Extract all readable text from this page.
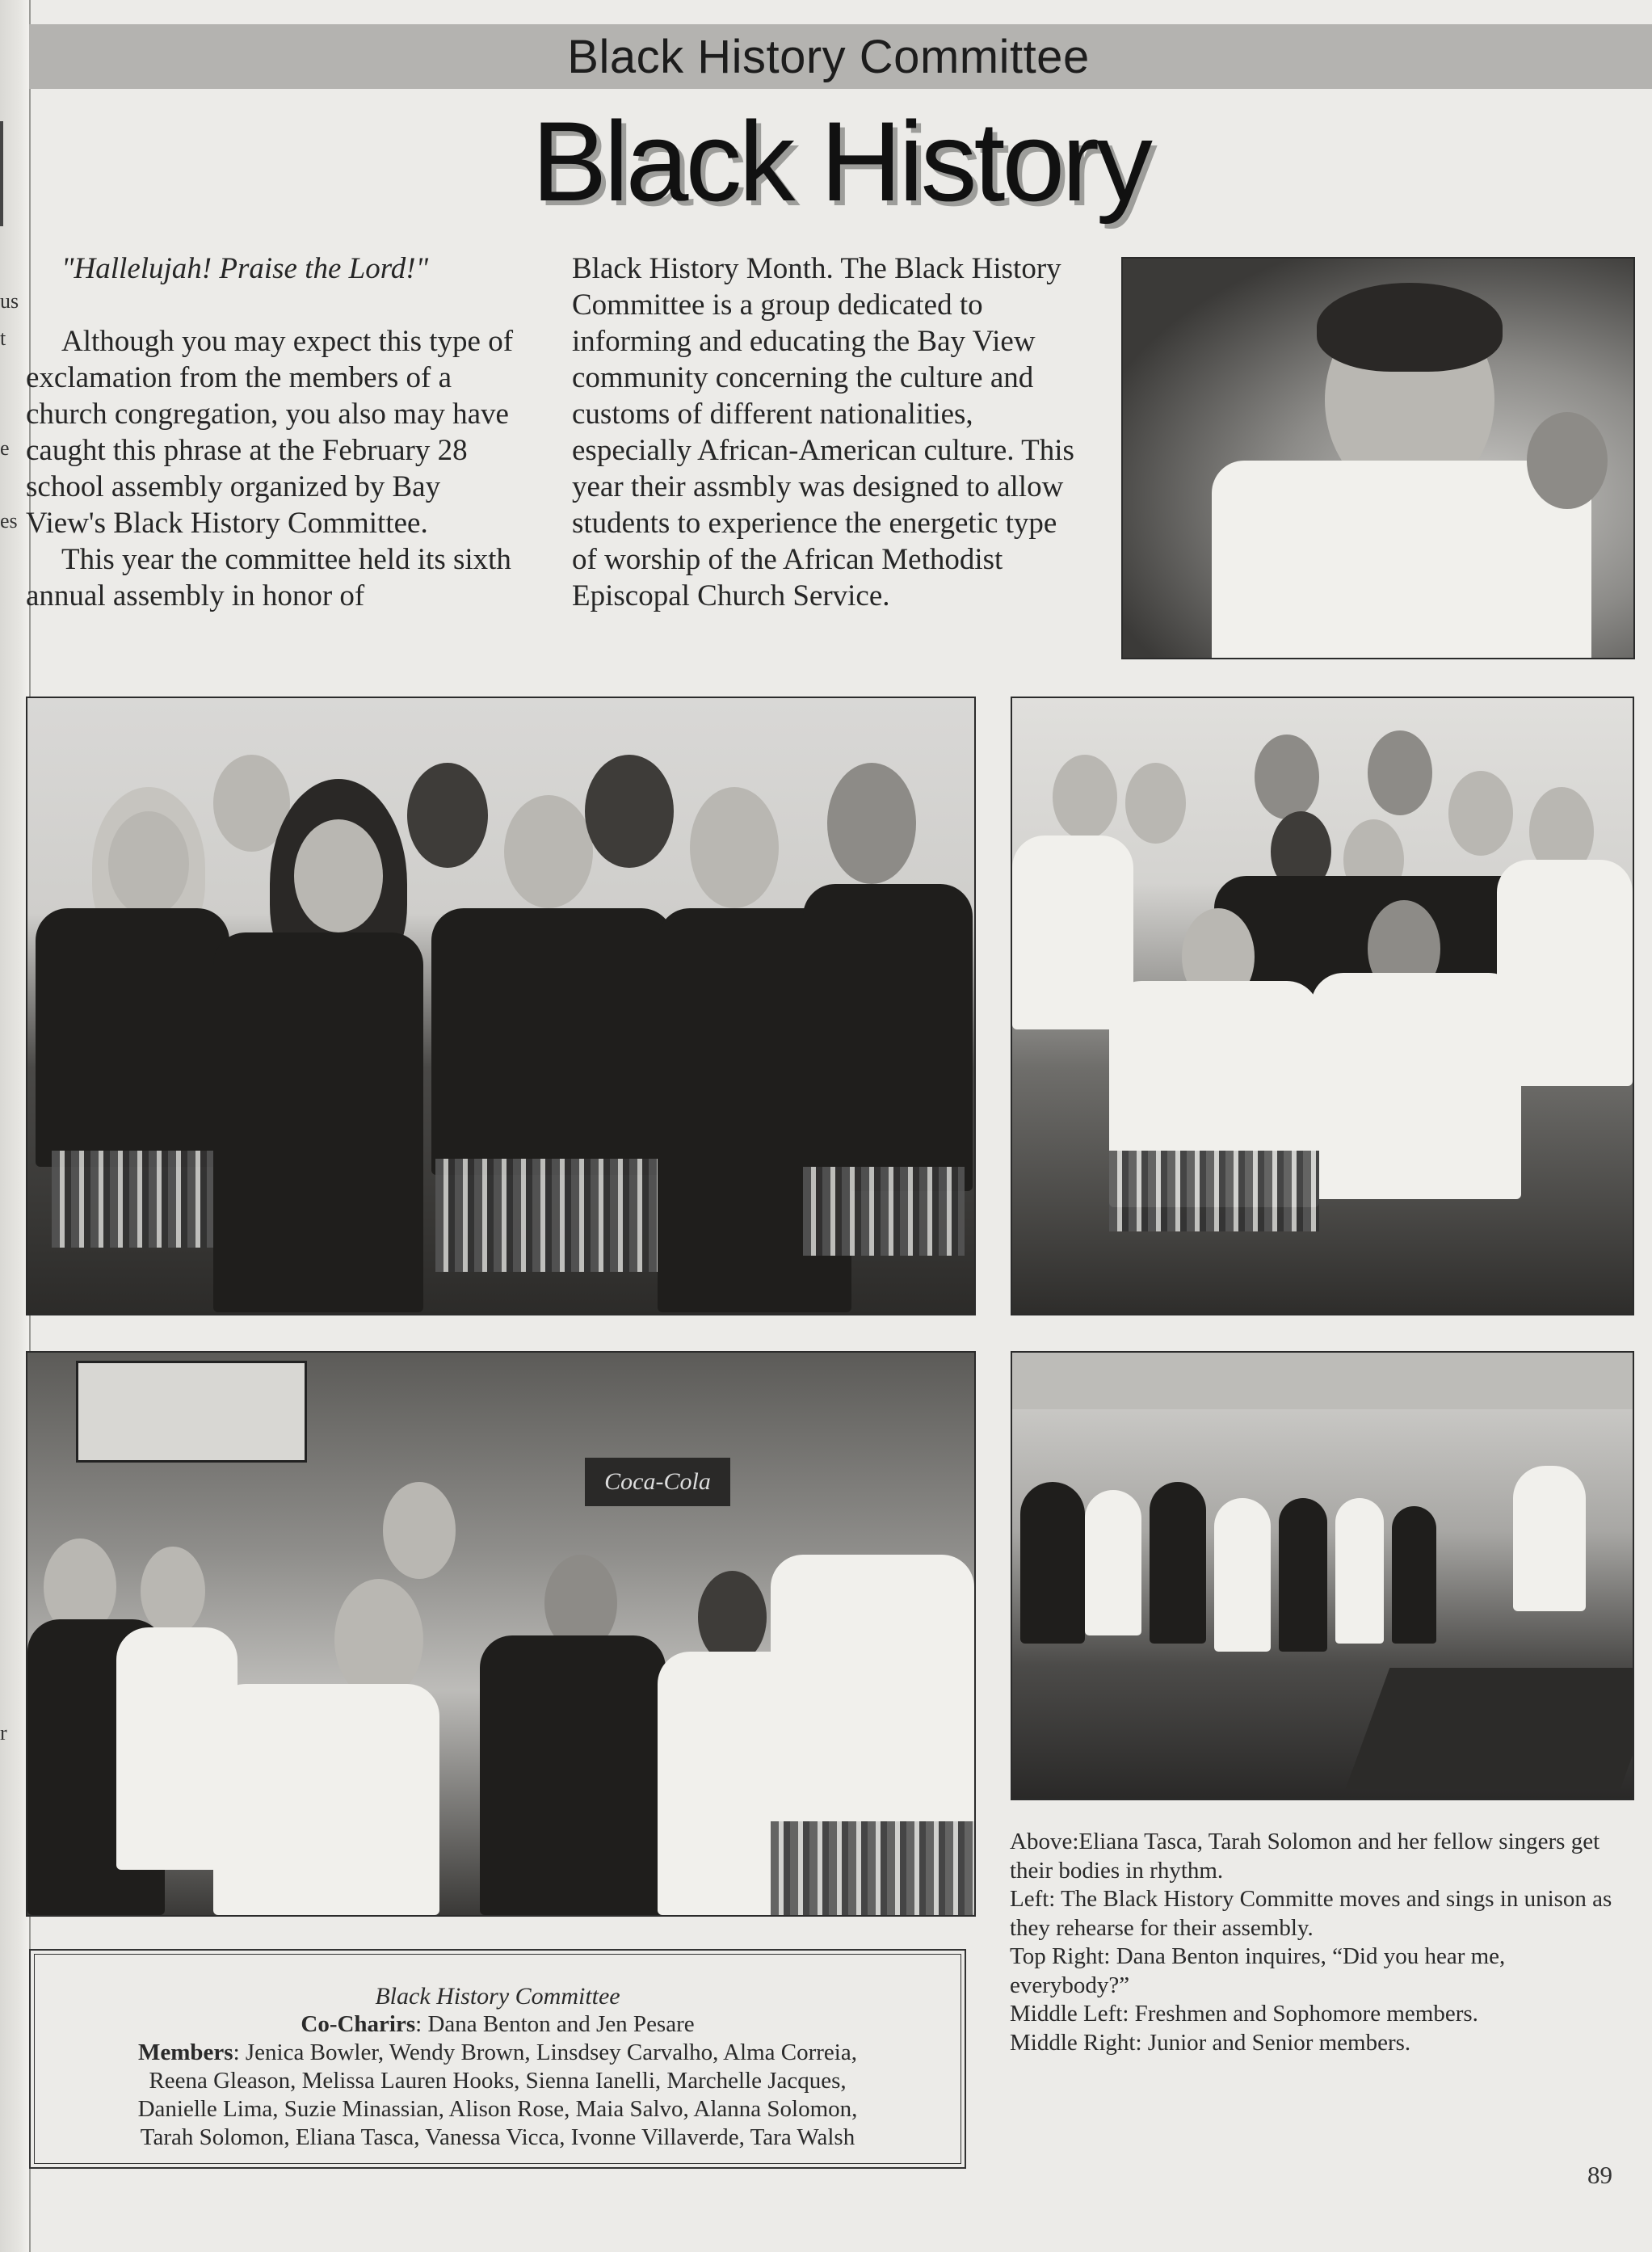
us
t
e
es
r
Black History Committee
Black History

"Hallelujah! Praise the Lord!"

Although you may expect this type of exclamation from the members of a church congregation, you also may have caught this phrase at the February 28 school assembly organized by Bay View's Black History Committee.

This year the committee held its sixth annual assembly in honor of

Black History Month. The Black History Committee is a group dedicated to informing and educating the Bay View community concerning the culture and customs of different nationalities, especially African-American culture. This year their assmbly was designed to allow students to experience the energetic type of worship of the African Methodist Episcopal Church Service.

Coca-Cola
Black History Committee
Co-Charirs: Dana Benton and Jen Pesare
Members: Jenica Bowler, Wendy Brown, Linsdsey Carvalho, Alma Correia,
Reena Gleason, Melissa Lauren Hooks, Sienna Ianelli, Marchelle Jacques,
Danielle Lima, Suzie Minassian, Alison Rose, Maia Salvo, Alanna Solomon,
Tarah Solomon, Eliana Tasca, Vanessa Vicca, Ivonne Villaverde, Tara Walsh

Above:Eliana Tasca, Tarah Solomon and her fellow singers get their bodies in rhythm.

Left: The Black History Committe moves and sings in unison as they rehearse for their assembly.

Top Right: Dana Benton inquires, “Did you hear me, everybody?”

Middle Left: Freshmen and Sophomore members.

Middle Right: Junior and Senior members.

89
